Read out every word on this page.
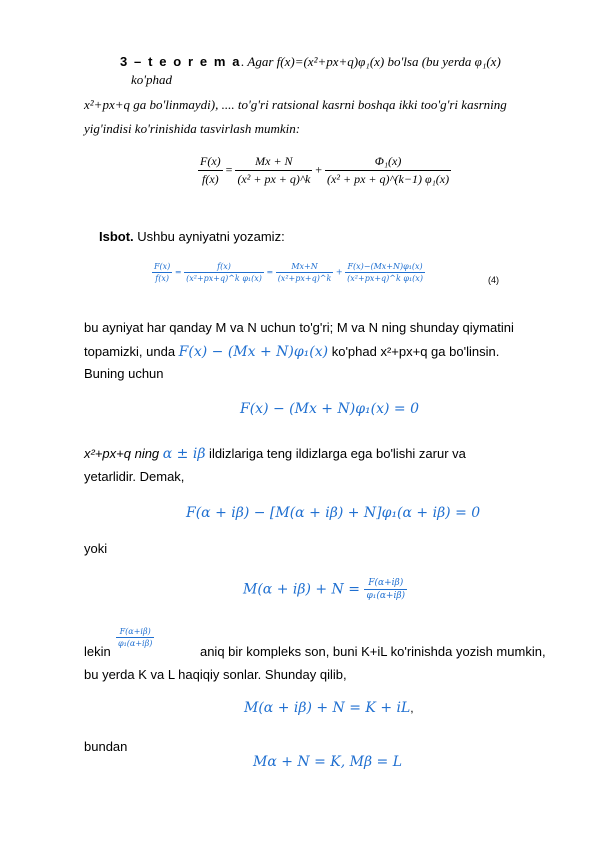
3 – t e o r e m a. Agar f(x)=(x²+px+q)φ₁(x) bo'lsa (bu yerda φ₁(x)
ko'phad
x²+px+q ga bo'linmaydi), .... to'g'ri ratsional kasrni boshqa ikki too'g'ri kasrning
yig'indisi ko'rinishida tasvirlash mumkin:
$\frac{F(x)}{f(x)} = \frac{Mx + N}{\text{(x² + px + q)\textasciicircum{}k}} + \frac{\text{Φ₁(x)}}{\text{(x² + px + q)\textasciicircum{}(k−1) φ₁(x)}}$
Isbot. Ushbu ayniyatni yozamiz:
$\frac{F(x)}{f(x)} = \frac{f(x)}{\text{(x²+px+q)\textasciicircum{}k φ₁(x)}} = \frac{Mx+N}{\text{(x²+px+q)\textasciicircum{}k}} + \frac{\text{F(x)−(Mx+N)φ₁(x)}}{\text{(x²+px+q)\textasciicircum{}k φ₁(x)}}$	(4)
bu ayniyat har qanday M va N uchun to'g'ri; M va N ning shunday qiymatini
topamizki, unda F(x) − (Mx + N)φ₁(x) ko'phad x²+px+q ga bo'linsin.
Buning uchun
F(x) − (Mx + N)φ₁(x) = 0
x²+px+q ning α ± iβ ildizlariga teng ildizlarga ega bo'lishi zarur va
yetarlidir. Demak,
F(α + iβ) − [M(α + iβ) + N]φ₁(α + iβ) = 0
yoki
$M(\alpha + i\beta) + N = \frac{F(\alpha+i\beta)}{\text{φ₁(α+iβ)}}$
$\frac{F(\alpha+i\beta)}{\text{φ₁(α+iβ)}}$
lekin	aniq bir kompleks son, buni K+iL ko'rinishda yozish mumkin,
bu yerda K va L haqiqiy sonlar. Shunday qilib,
M(α + iβ) + N = K + iL,
bundan
Mα + N = K, Mβ = L
